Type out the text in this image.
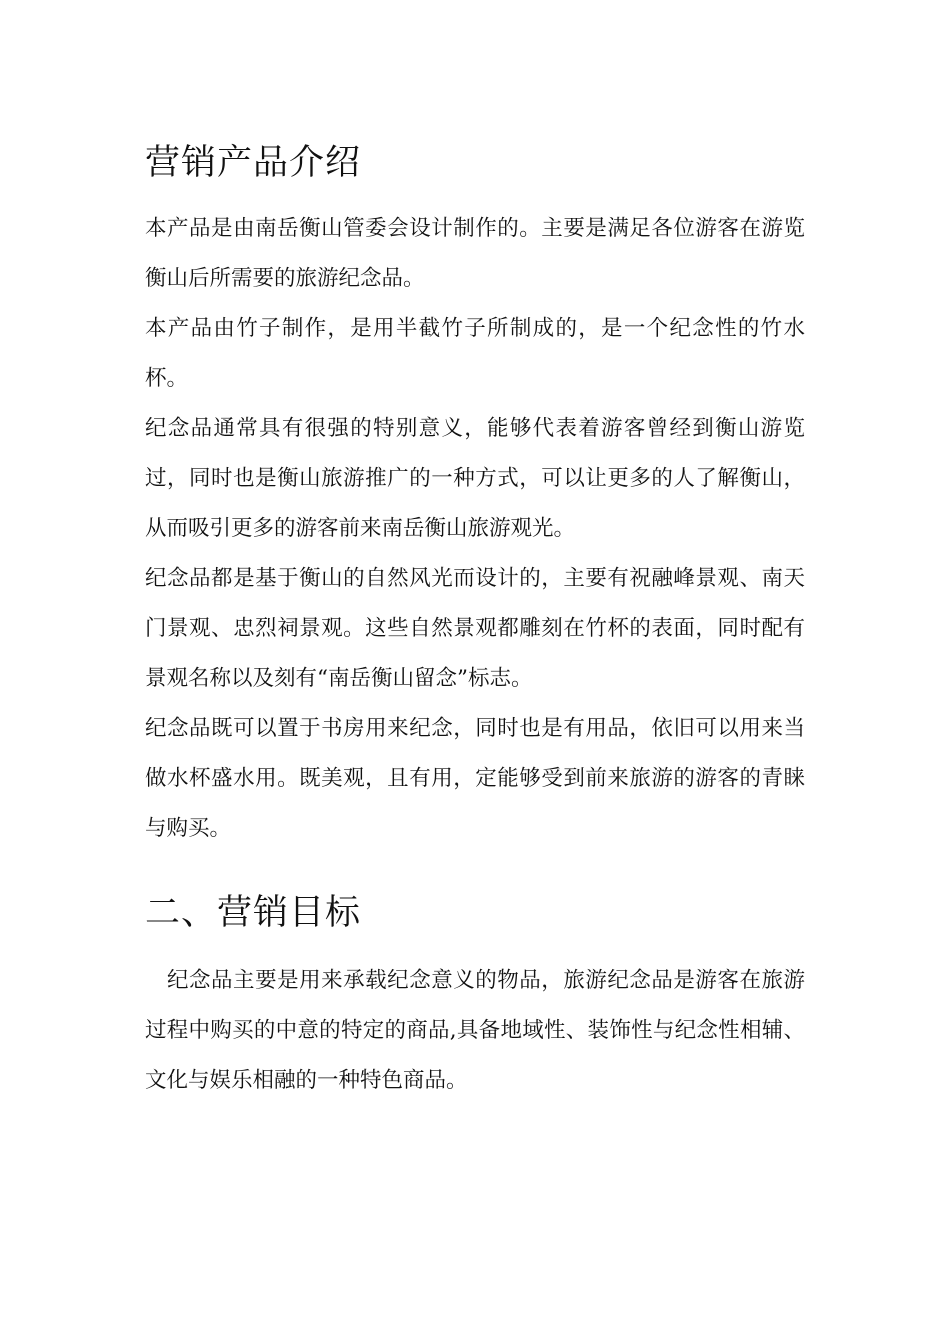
营销产品介绍

本产品是由南岳衡山管委会设计制作的。主要是满足各位游客在游览衡山后所需要的旅游纪念品。

本产品由竹子制作，是用半截竹子所制成的，是一个纪念性的竹水杯。

纪念品通常具有很强的特别意义，能够代表着游客曾经到衡山游览过，同时也是衡山旅游推广的一种方式，可以让更多的人了解衡山，从而吸引更多的游客前来南岳衡山旅游观光。

纪念品都是基于衡山的自然风光而设计的，主要有祝融峰景观、南天门景观、忠烈祠景观。这些自然景观都雕刻在竹杯的表面，同时配有景观名称以及刻有“南岳衡山留念”标志。

纪念品既可以置于书房用来纪念，同时也是有用品，依旧可以用来当做水杯盛水用。既美观，且有用，定能够受到前来旅游的游客的青睐与购买。

二、营销目标

纪念品主要是用来承载纪念意义的物品，旅游纪念品是游客在旅游过程中购买的中意的特定的商品,具备地域性、装饰性与纪念性相辅、文化与娱乐相融的一种特色商品。
